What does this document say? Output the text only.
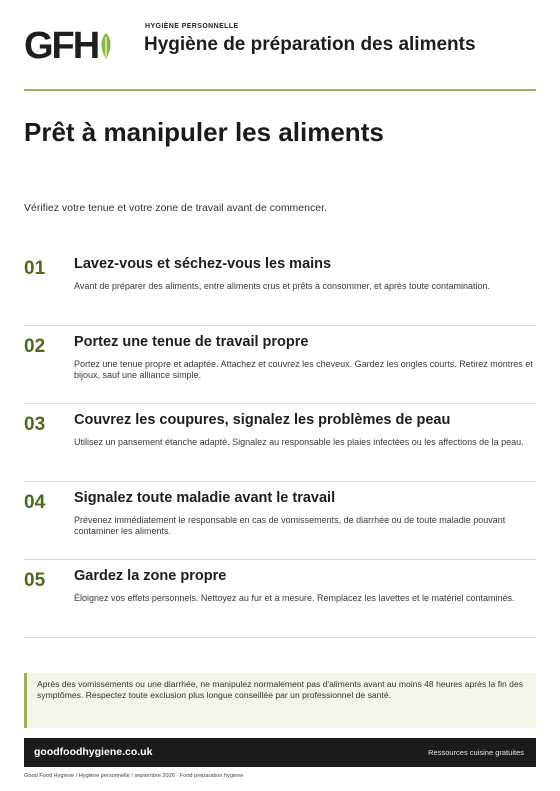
GFH	HYGIÈNE PERSONNELLE
Hygiène de préparation des aliments
Prêt à manipuler les aliments

Vérifiez votre tenue et votre zone de travail avant de commencer.

01 Lavez-vous et séchez-vous les mains
Avant de préparer des aliments, entre aliments crus et prêts à consommer, et après toute contamination.
02 Portez une tenue de travail propre
Portez une tenue propre et adaptée. Attachez et couvrez les cheveux. Gardez les ongles courts. Retirez montres et bijoux, sauf une alliance simple.
03 Couvrez les coupures, signalez les problèmes de peau
Utilisez un pansement étanche adapté. Signalez au responsable les plaies infectées ou les affections de la peau.
04 Signalez toute maladie avant le travail
Prévenez immédiatement le responsable en cas de vomissements, de diarrhée ou de toute maladie pouvant contaminer les aliments.
05 Gardez la zone propre
Éloignez vos effets personnels. Nettoyez au fur et à mesure. Remplacez les lavettes et le matériel contaminés.
Après des vomissements ou une diarrhée, ne manipulez normalement pas d'aliments avant au moins 48 heures après la fin des symptômes. Respectez toute exclusion plus longue conseillée par un professionnel de santé.
goodfoodhygiene.co.uk	Ressources cuisine gratuites
Good Food Hygiene / Hygiène personnelle / septembre 2026 · Food preparation hygiene
